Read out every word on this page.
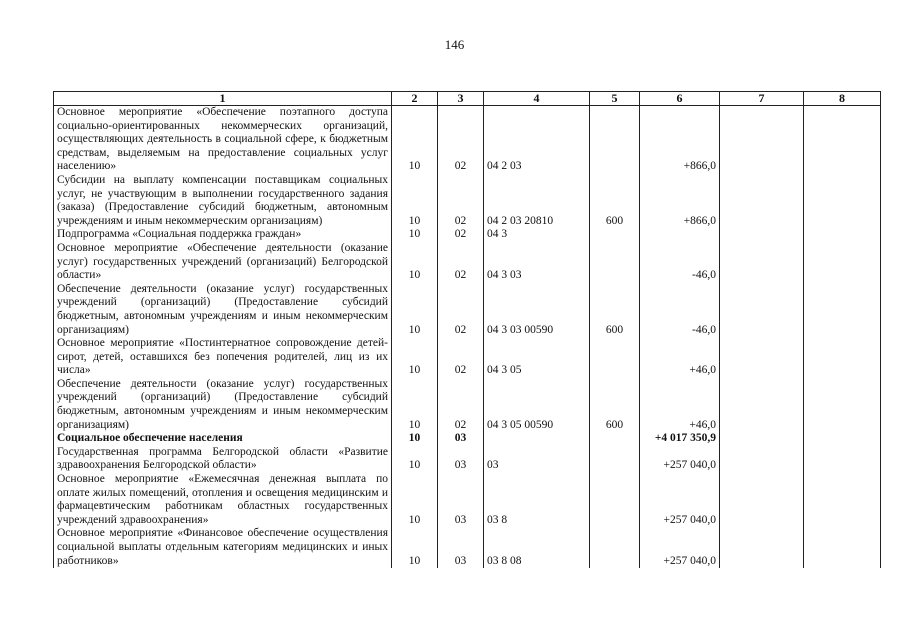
146
1	2	3	4	5	6	7	8
Основное мероприятие «Обеспечение поэтапного доступа социально-ориентированных некоммерческих организаций, осуществляющих деятельность в социальной сфере, к бюджетным средствам, выделяемым на предоставление социальных услуг населению»	10	02	04 2 03		+866,0		
Субсидии на выплату компенсации поставщикам социальных услуг, не участвующим в выполнении государственного задания (заказа) (Предоставление субсидий бюджетным, автономным учреждениям и иным некоммерческим организациям)	10	02	04 2 03 20810	600	+866,0		
Подпрограмма «Социальная поддержка граждан»	10	02	04 3				
Основное мероприятие «Обеспечение деятельности (оказание услуг) государственных учреждений (организаций) Белгородской области»	10	02	04 3 03		-46,0		
Обеспечение деятельности (оказание услуг) государственных учреждений (организаций) (Предоставление субсидий бюджетным, автономным учреждениям и иным некоммерческим организациям)	10	02	04 3 03 00590	600	-46,0		
Основное мероприятие «Постинтернатное сопровождение детей-сирот, детей, оставшихся без попечения родителей, лиц из их числа»	10	02	04 3 05		+46,0		
Обеспечение деятельности (оказание услуг) государственных учреждений (организаций) (Предоставление субсидий бюджетным, автономным учреждениям и иным некоммерческим организациям)	10	02	04 3 05 00590	600	+46,0		
Социальное обеспечение населения	10	03			+4 017 350,9		
Государственная программа Белгородской области «Развитие здравоохранения Белгородской области»	10	03	03		+257 040,0		
Основное мероприятие «Ежемесячная денежная выплата по оплате жилых помещений, отопления и освещения медицинским и фармацевтическим работникам областных государственных учреждений здравоохранения»	10	03	03 8		+257 040,0		
Основное мероприятие «Финансовое обеспечение осуществления социальной выплаты отдельным категориям медицинских и иных работников»	10	03	03 8 08		+257 040,0		
